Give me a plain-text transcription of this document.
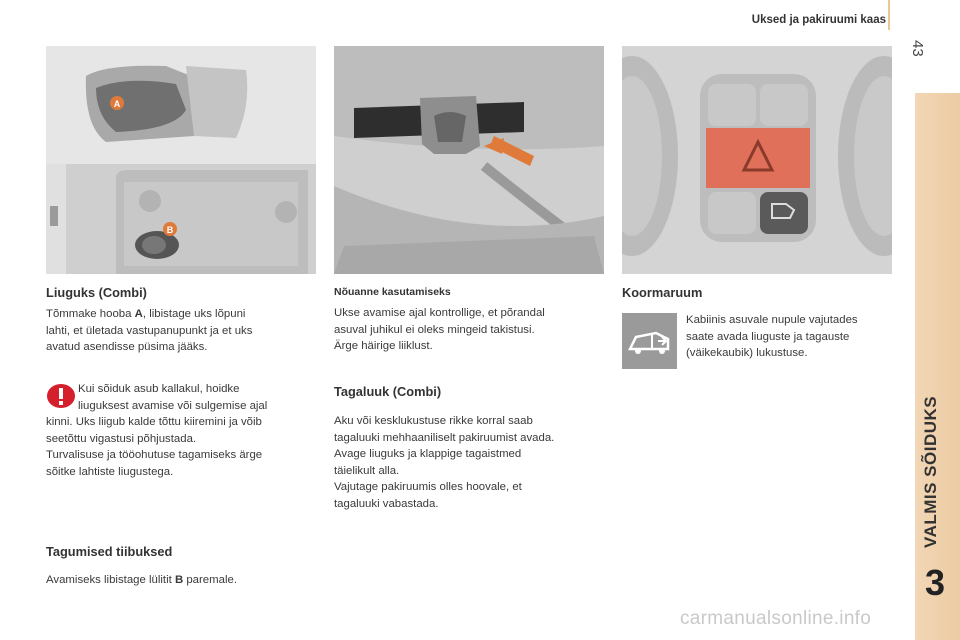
Uksed ja pakiruumi kaas
43
VALMIS SÕIDUKS
3
A
B
Liuguks (Combi)

Tõmmake hooba A, libistage uks lõpuni
lahti, et ületada vastupanupunkt ja et uks
avatud asendisse püsima jääks.

Kui sõiduk asub kallakul, hoidke
liuguksest avamise või sulgemise ajal

kinni. Uks liigub kalde tõttu kiiremini ja võib
seetõttu vigastusi põhjustada.
Turvalisuse ja tööohutuse tagamiseks ärge
sõitke lahtiste liugustega.

Tagumised tiibuksed

Avamiseks libistage lülitit B paremale.

Nõuanne kasutamiseks

Ukse avamise ajal kontrollige, et põrandal
asuval juhikul ei oleks mingeid takistusi.
Ärge häirige liiklust.

Tagaluuk (Combi)

Aku või kesklukustuse rikke korral saab
tagaluuki mehhaaniliselt pakiruumist avada.
Avage liuguks ja klappige tagaistmed
täielikult alla.
Vajutage pakiruumis olles hoovale, et
tagaluuki vabastada.

Koormaruum

Kabiinis asuvale nupule vajutades
saate avada liuguste ja tagauste
(väikekaubik) lukustuse.

carmanualsonline.info
